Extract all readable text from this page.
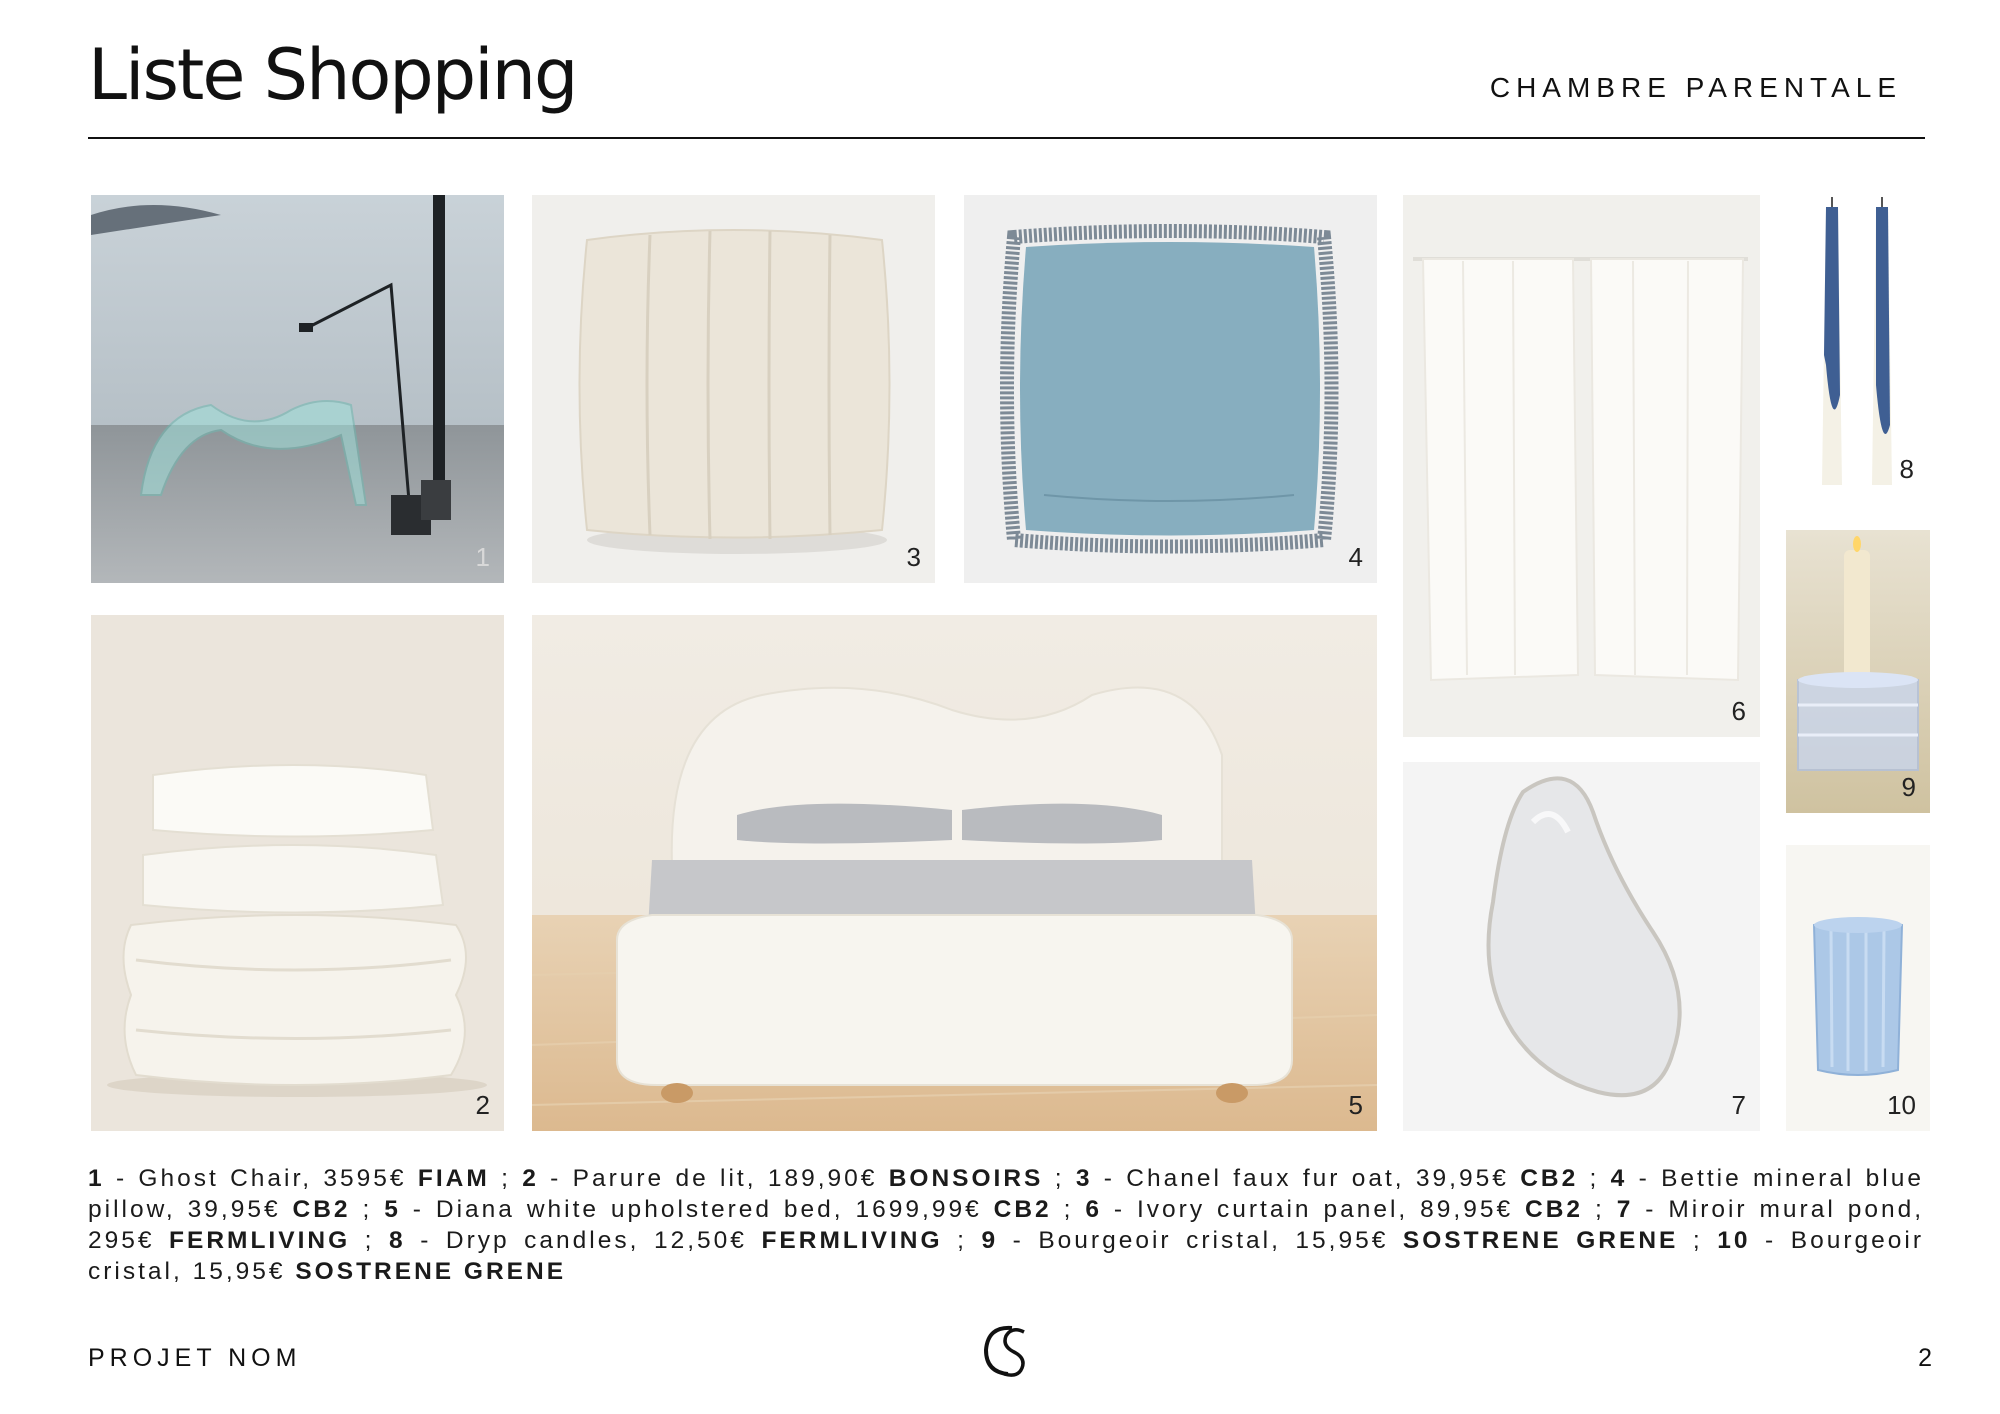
Liste Shopping	CHAMBRE PARENTALE
1	3	4
6
8
9
2	5	7	10
1 - Ghost Chair, 3595€ FIAM ; 2 - Parure de lit, 189,90€ BONSOIRS ; 3 - Chanel faux fur oat, 39,95€ CB2 ; 4 - Bettie mineral blue pillow, 39,95€ CB2 ; 5 - Diana white upholstered bed, 1699,99€ CB2 ; 6 - Ivory curtain panel, 89,95€ CB2 ; 7 - Miroir mural pond, 295€ FERMLIVING ; 8 - Dryp candles, 12,50€ FERMLIVING ; 9 - Bourgeoir cristal, 15,95€ SOSTRENE GRENE ; 10 - Bourgeoir cristal, 15,95€ SOSTRENE GRENE
PROJET NOM	2
